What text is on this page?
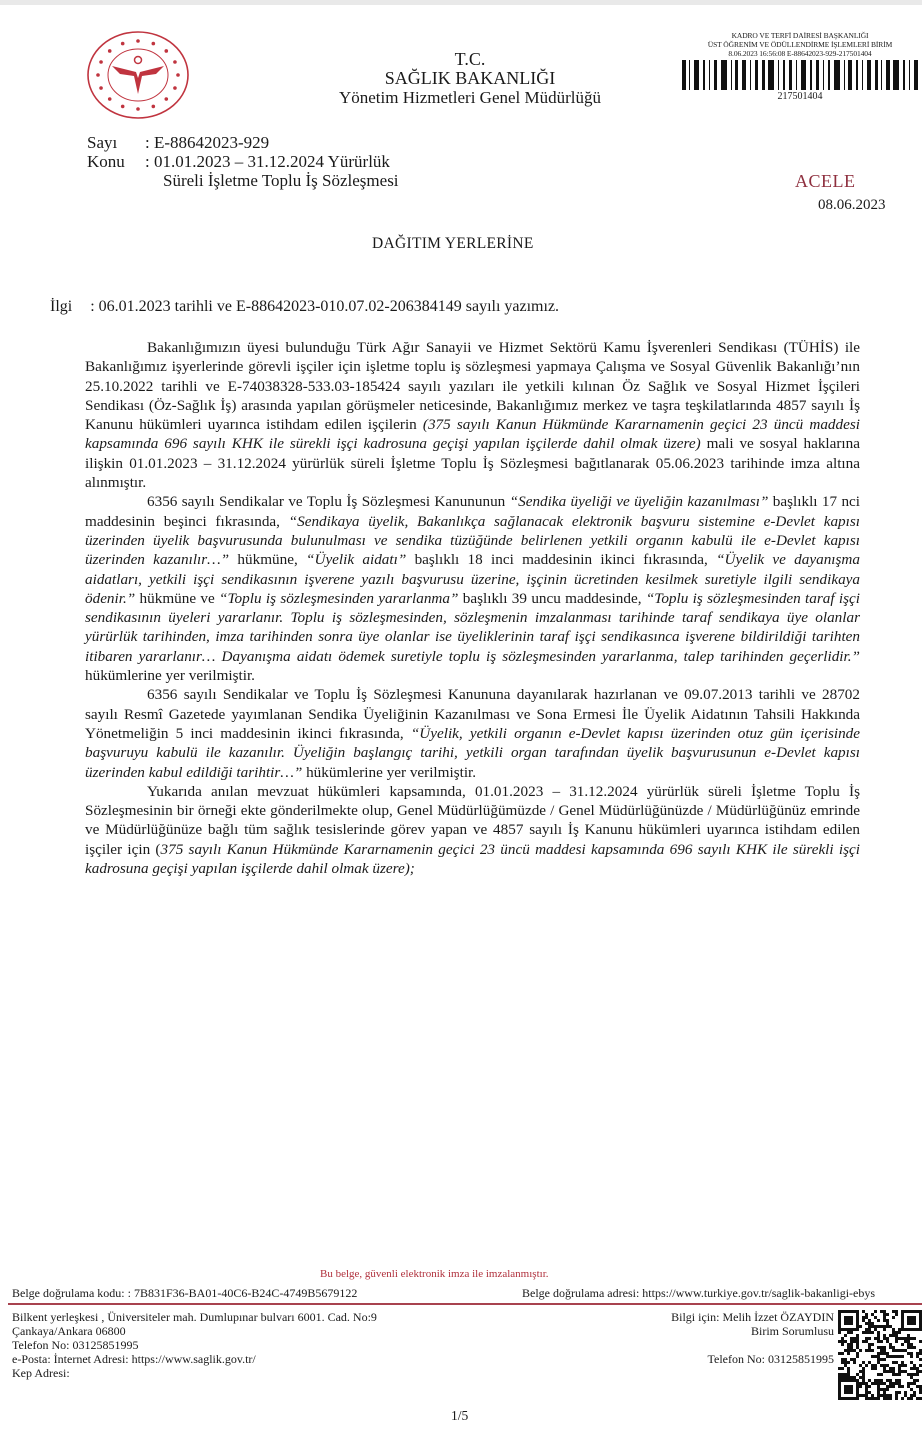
T.C.
SAĞLIK BAKANLIĞI
Yönetim Hizmetleri Genel Müdürlüğü
KADRO VE TERFİ DAİRESİ BAŞKANLIĞI
ÜST ÖĞRENİM VE ÖDÜLLENDİRME İŞLEMLERİ BİRİM
8.06.2023 16:56:08 E-88642023-929-217501404
217501404
Sayı	: E-88642023-929
Konu	: 01.01.2023 – 31.12.2024 Yürürlük
Süreli İşletme Toplu İş Sözleşmesi	ACELE
08.06.2023
DAĞITIM YERLERİNE
İlgi : 06.01.2023 tarihli ve E-88642023-010.07.02-206384149 sayılı yazımız.

Bakanlığımızın üyesi bulunduğu Türk Ağır Sanayii ve Hizmet Sektörü Kamu İşverenleri Sendikası (TÜHİS) ile Bakanlığımız işyerlerinde görevli işçiler için işletme toplu iş sözleşmesi yapmaya Çalışma ve Sosyal Güvenlik Bakanlığı’nın 25.10.2022 tarihli ve E-74038328-533.03-185424 sayılı yazıları ile yetkili kılınan Öz Sağlık ve Sosyal Hizmet İşçileri Sendikası (Öz-Sağlık İş) arasında yapılan görüşmeler neticesinde, Bakanlığımız merkez ve taşra teşkilatlarında 4857 sayılı İş Kanunu hükümleri uyarınca istihdam edilen işçilerin (375 sayılı Kanun Hükmünde Kararnamenin geçici 23 üncü maddesi kapsamında 696 sayılı KHK ile sürekli işçi kadrosuna geçişi yapılan işçilerde dahil olmak üzere) mali ve sosyal haklarına ilişkin 01.01.2023 – 31.12.2024 yürürlük süreli İşletme Toplu İş Sözleşmesi bağıtlanarak 05.06.2023 tarihinde imza altına alınmıştır.

6356 sayılı Sendikalar ve Toplu İş Sözleşmesi Kanununun “Sendika üyeliği ve üyeliğin kazanılması” başlıklı 17 nci maddesinin beşinci fıkrasında, “Sendikaya üyelik, Bakanlıkça sağlanacak elektronik başvuru sistemine e-Devlet kapısı üzerinden üyelik başvurusunda bulunulması ve sendika tüzüğünde belirlenen yetkili organın kabulü ile e-Devlet kapısı üzerinden kazanılır…” hükmüne, “Üyelik aidatı” başlıklı 18 inci maddesinin ikinci fıkrasında, “Üyelik ve dayanışma aidatları, yetkili işçi sendikasının işverene yazılı başvurusu üzerine, işçinin ücretinden kesilmek suretiyle ilgili sendikaya ödenir.” hükmüne ve “Toplu iş sözleşmesinden yararlanma” başlıklı 39 uncu maddesinde, “Toplu iş sözleşmesinden taraf işçi sendikasının üyeleri yararlanır. Toplu iş sözleşmesinden, sözleşmenin imzalanması tarihinde taraf sendikaya üye olanlar yürürlük tarihinden, imza tarihinden sonra üye olanlar ise üyeliklerinin taraf işçi sendikasınca işverene bildirildiği tarihten itibaren yararlanır… Dayanışma aidatı ödemek suretiyle toplu iş sözleşmesinden yararlanma, talep tarihinden geçerlidir.” hükümlerine yer verilmiştir.

6356 sayılı Sendikalar ve Toplu İş Sözleşmesi Kanununa dayanılarak hazırlanan ve 09.07.2013 tarihli ve 28702 sayılı Resmî Gazetede yayımlanan Sendika Üyeliğinin Kazanılması ve Sona Ermesi İle Üyelik Aidatının Tahsili Hakkında Yönetmeliğin 5 inci maddesinin ikinci fıkrasında, “Üyelik, yetkili organın e-Devlet kapısı üzerinden otuz gün içerisinde başvuruyu kabulü ile kazanılır. Üyeliğin başlangıç tarihi, yetkili organ tarafından üyelik başvurusunun e-Devlet kapısı üzerinden kabul edildiği tarihtir…” hükümlerine yer verilmiştir.

Yukarıda anılan mevzuat hükümleri kapsamında, 01.01.2023 – 31.12.2024 yürürlük süreli İşletme Toplu İş Sözleşmesinin bir örneği ekte gönderilmekte olup, Genel Müdürlüğümüzde / Genel Müdürlüğünüzde / Müdürlüğünüz emrinde ve Müdürlüğünüze bağlı tüm sağlık tesislerinde görev yapan ve 4857 sayılı İş Kanunu hükümleri uyarınca istihdam edilen işçiler için (375 sayılı Kanun Hükmünde Kararnamenin geçici 23 üncü maddesi kapsamında 696 sayılı KHK ile sürekli işçi kadrosuna geçişi yapılan işçilerde dahil olmak üzere);

Bu belge, güvenli elektronik imza ile imzalanmıştır.
Belge doğrulama kodu: : 7B831F36-BA01-40C6-B24C-4749B5679122	Belge doğrulama adresi: https://www.turkiye.gov.tr/saglik-bakanligi-ebys
Bilkent yerleşkesi , Üniversiteler mah. Dumlupınar bulvarı 6001. Cad. No:9
Çankaya/Ankara 06800
Telefon No: 03125851995
e-Posta: İnternet Adresi: https://www.saglik.gov.tr/
Kep Adresi:
Bilgi için: Melih İzzet ÖZAYDIN
Birim Sorumlusu
Telefon No: 03125851995
1/5
